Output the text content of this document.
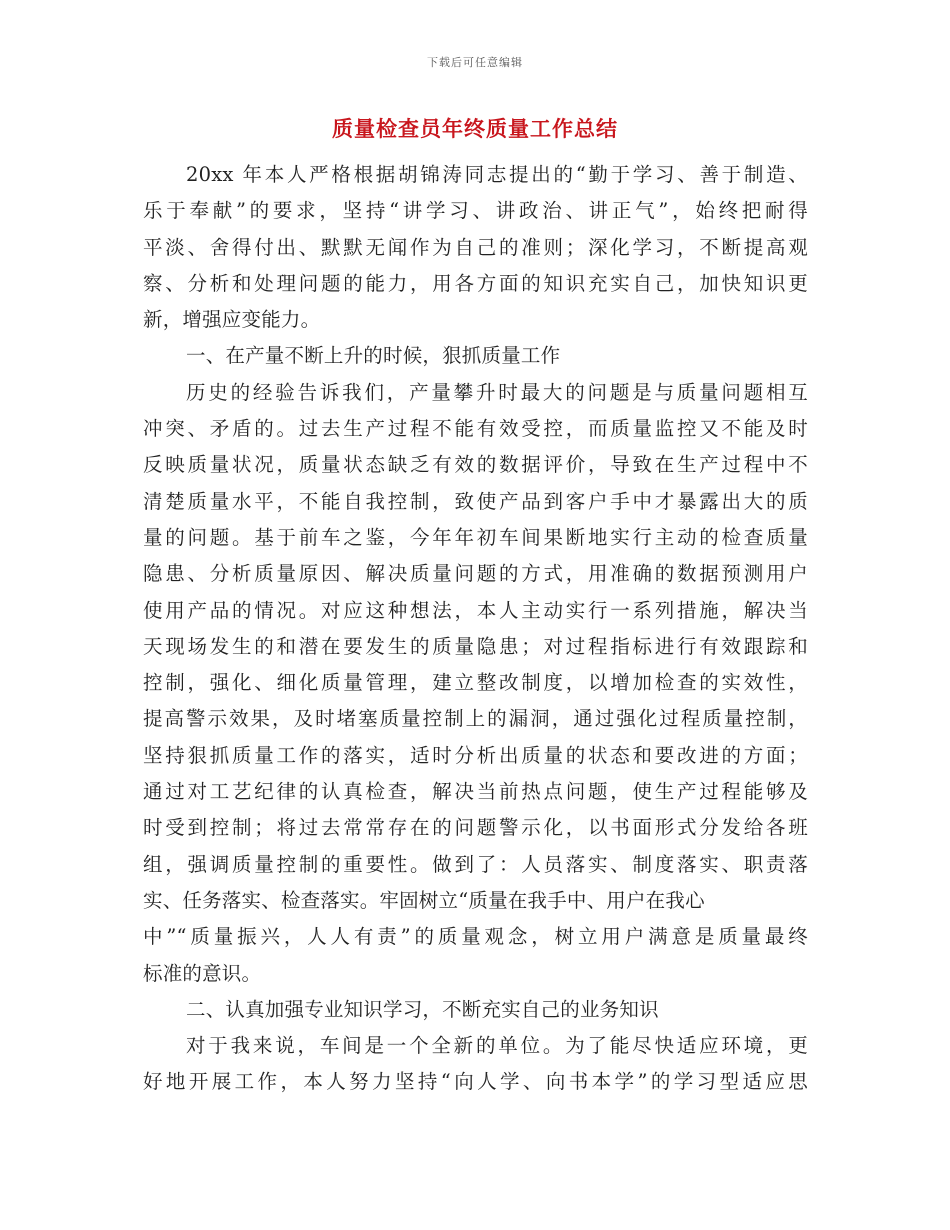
下载后可任意编辑
质量检查员年终质量工作总结
20xx 年本人严格根据胡锦涛同志提出的“勤于学习、善于制造、
乐于奉献”的要求，坚持“讲学习、讲政治、讲正气”，始终把耐得
平淡、舍得付出、默默无闻作为自己的准则；深化学习，不断提高观
察、分析和处理问题的能力，用各方面的知识充实自己，加快知识更
新，增强应变能力。
一、在产量不断上升的时候，狠抓质量工作
历史的经验告诉我们，产量攀升时最大的问题是与质量问题相互
冲突、矛盾的。过去生产过程不能有效受控，而质量监控又不能及时
反映质量状况，质量状态缺乏有效的数据评价，导致在生产过程中不
清楚质量水平，不能自我控制，致使产品到客户手中才暴露出大的质
量的问题。基于前车之鉴，今年年初车间果断地实行主动的检查质量
隐患、分析质量原因、解决质量问题的方式，用准确的数据预测用户
使用产品的情况。对应这种想法，本人主动实行一系列措施，解决当
天现场发生的和潜在要发生的质量隐患；对过程指标进行有效跟踪和
控制，强化、细化质量管理，建立整改制度，以增加检查的实效性，
提高警示效果，及时堵塞质量控制上的漏洞，通过强化过程质量控制，
坚持狠抓质量工作的落实，适时分析出质量的状态和要改进的方面；
通过对工艺纪律的认真检查，解决当前热点问题，使生产过程能够及
时受到控制；将过去常常存在的问题警示化，以书面形式分发给各班
组，强调质量控制的重要性。做到了：人员落实、制度落实、职责落
实、任务落实、检查落实。牢固树立“质量在我手中、用户在我心
中”“质量振兴，人人有责”的质量观念，树立用户满意是质量最终
标准的意识。
二、认真加强专业知识学习，不断充实自己的业务知识
对于我来说，车间是一个全新的单位。为了能尽快适应环境，更
好地开展工作，本人努力坚持“向人学、向书本学”的学习型适应思
